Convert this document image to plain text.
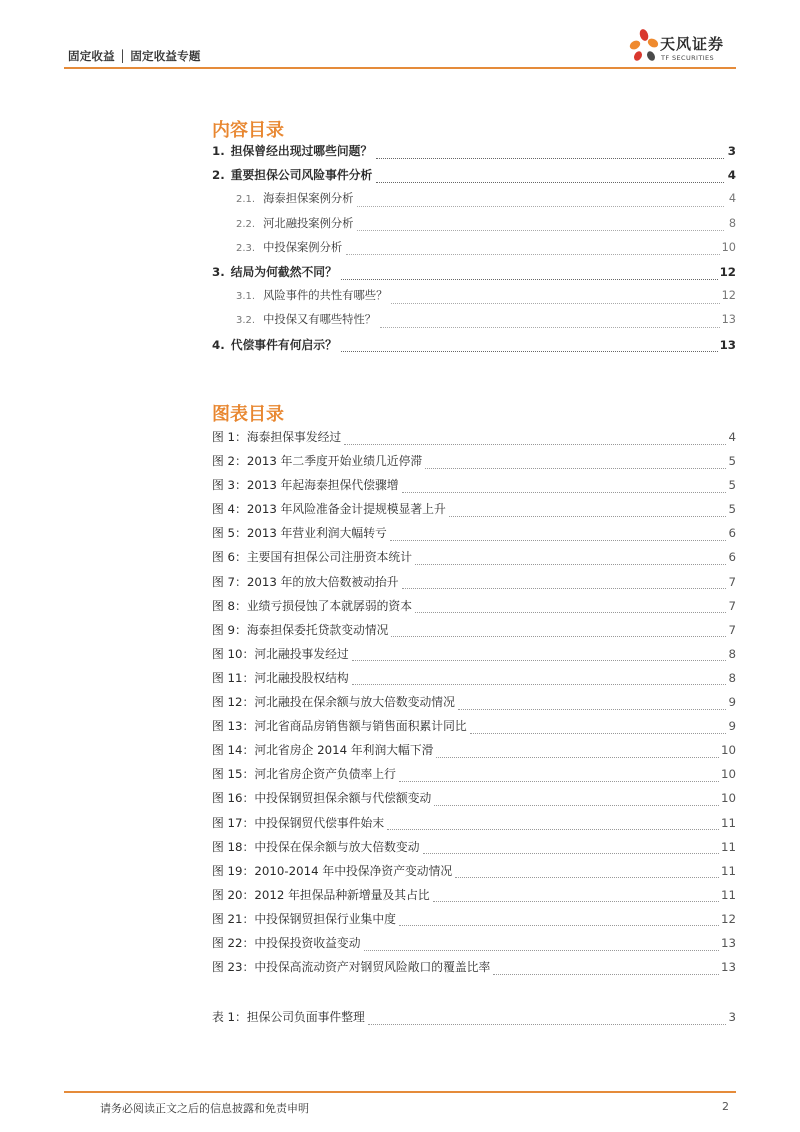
固定收益 │ 固定收益专题
天风证券
TF SECURITIES
内容目录
1. 担保曾经出现过哪些问题？	3
2. 重要担保公司风险事件分析	4
2.1. 海泰担保案例分析	4
2.2. 河北融投案例分析	8
2.3. 中投保案例分析	10
3. 结局为何截然不同？	12
3.1. 风险事件的共性有哪些？	12
3.2. 中投保又有哪些特性？	13
4. 代偿事件有何启示？	13
图表目录
图 1：海泰担保事发经过	4
图 2：2013 年二季度开始业绩几近停滞	5
图 3：2013 年起海泰担保代偿骤增	5
图 4：2013 年风险准备金计提规模显著上升	5
图 5：2013 年营业利润大幅转亏	6
图 6：主要国有担保公司注册资本统计	6
图 7：2013 年的放大倍数被动抬升	7
图 8：业绩亏损侵蚀了本就孱弱的资本	7
图 9：海泰担保委托贷款变动情况	7
图 10：河北融投事发经过	8
图 11：河北融投股权结构	8
图 12：河北融投在保余额与放大倍数变动情况	9
图 13：河北省商品房销售额与销售面积累计同比	9
图 14：河北省房企 2014 年利润大幅下滑	10
图 15：河北省房企资产负债率上行	10
图 16：中投保钢贸担保余额与代偿额变动	10
图 17：中投保钢贸代偿事件始末	11
图 18：中投保在保余额与放大倍数变动	11
图 19：2010-2014 年中投保净资产变动情况	11
图 20：2012 年担保品种新增量及其占比	11
图 21：中投保钢贸担保行业集中度	12
图 22：中投保投资收益变动	13
图 23：中投保高流动资产对钢贸风险敞口的覆盖比率	13
表 1：担保公司负面事件整理	3
请务必阅读正文之后的信息披露和免责申明	2
